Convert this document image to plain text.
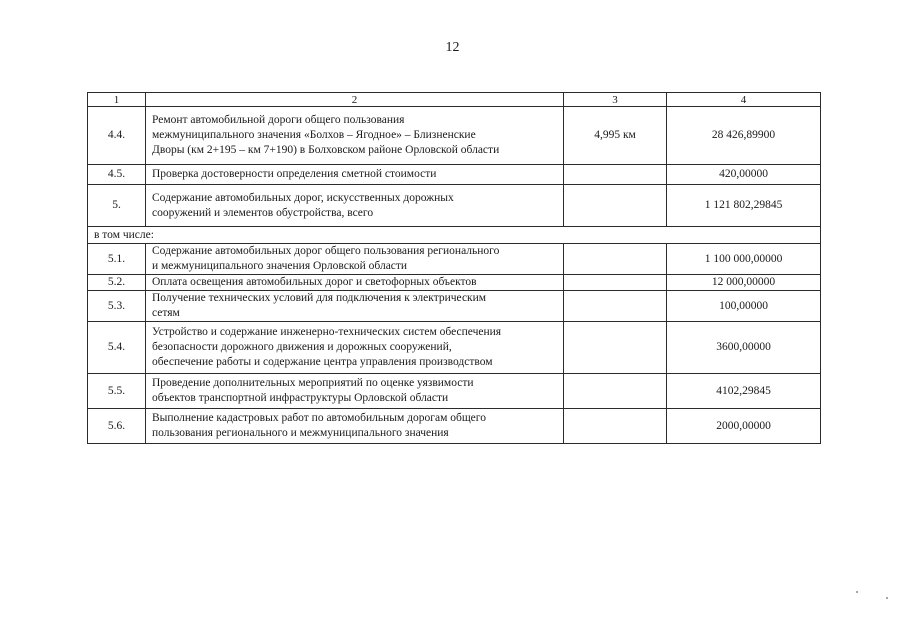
12
1	2	3	4
4.4.	Ремонт автомобильной дороги общего пользования
межмуниципального значения «Болхов – Ягодное» – Близненские
Дворы (км 2+195 – км 7+190) в Болховском районе Орловской области	4,995 км	28 426,89900
4.5.	Проверка достоверности определения сметной стоимости		420,00000
5.	Содержание автомобильных дорог, искусственных дорожных
сооружений и элементов обустройства, всего		1 121 802,29845
в том числе:			
5.1.	Содержание автомобильных дорог общего пользования регионального
и межмуниципального значения Орловской области		1 100 000,00000
5.2.	Оплата освещения автомобильных дорог и светофорных объектов		12 000,00000
5.3.	Получение технических условий для подключения к электрическим
сетям		100,00000
5.4.	Устройство и содержание инженерно-технических систем обеспечения
безопасности дорожного движения и дорожных сооружений,
обеспечение работы и содержание центра управления производством		3600,00000
5.5.	Проведение дополнительных мероприятий по оценке уязвимости
объектов транспортной инфраструктуры Орловской области		4102,29845
5.6.	Выполнение кадастровых работ по автомобильным дорогам общего
пользования регионального и межмуниципального значения		2000,00000
